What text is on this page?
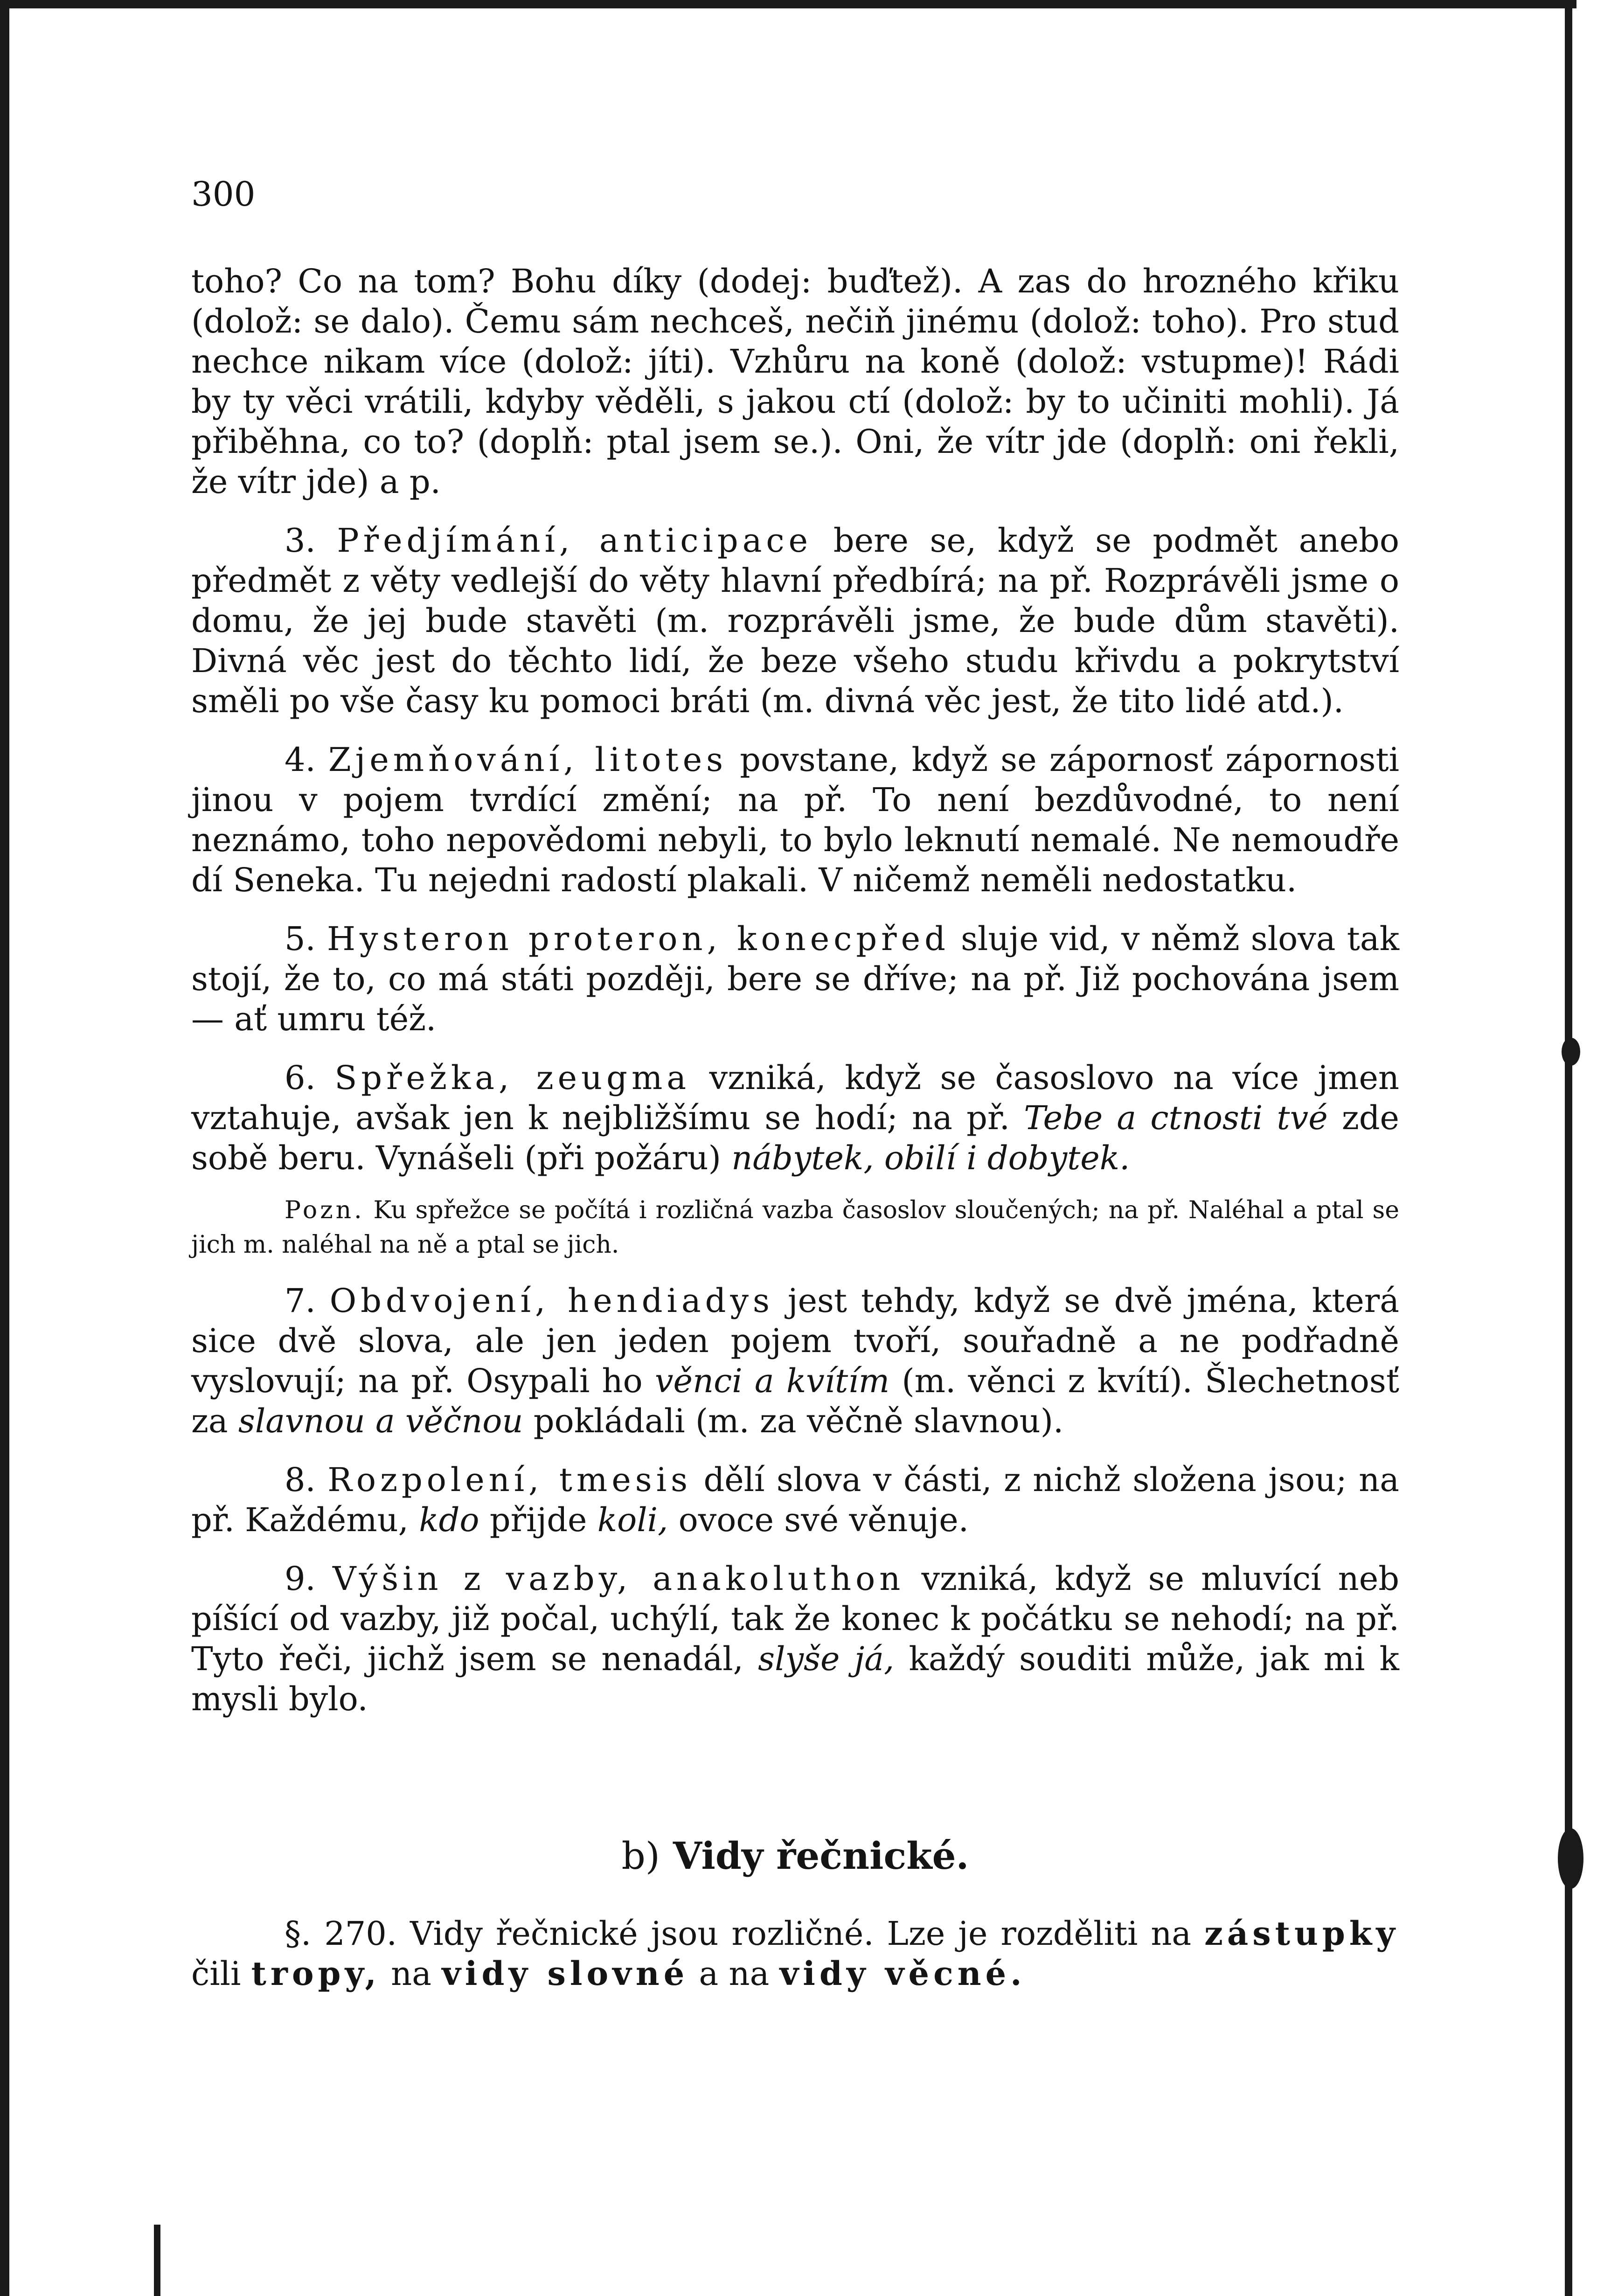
300

toho? Co na tom? Bohu díky (dodej: buďtež). A zas do hrozného křiku (dolož: se dalo). Čemu sám nechceš, nečiň jinému (dolož: toho). Pro stud nechce nikam více (dolož: jíti). Vzhůru na koně (dolož: vstupme)! Rádi by ty věci vrátili, kdyby věděli, s jakou ctí (dolož: by to učiniti mohli). Já přiběhna, co to? (doplň: ptal jsem se.). Oni, že vítr jde (doplň: oni řekli, že vítr jde) a p.

3. Předjímání, anticipace bere se, když se podmět anebo předmět z věty vedlejší do věty hlavní předbírá; na př. Rozprávěli jsme o domu, že jej bude stavěti (m. rozprávěli jsme, že bude dům stavěti). Divná věc jest do těchto lidí, že beze všeho studu křivdu a pokrytství směli po vše časy ku pomoci bráti (m. divná věc jest, že tito lidé atd.).

4. Zjemňování, litotes povstane, když se zápornosť zápornosti jinou v pojem tvrdící změní; na př. To není bezdůvodné, to není neznámo, toho nepovědomi nebyli, to bylo leknutí nemalé. Ne nemoudře dí Seneka. Tu nejedni radostí plakali. V ničemž neměli nedostatku.

5. Hysteron proteron, konecpřed sluje vid, v němž slova tak stojí, že to, co má státi později, bere se dříve; na př. Již pochována jsem — ať umru též.

6. Spřežka, zeugma vzniká, když se časoslovo na více jmen vztahuje, avšak jen k nejbližšímu se hodí; na př. Tebe a ctnosti tvé zde sobě beru. Vynášeli (při požáru) nábytek, obilí i dobytek.

Pozn. Ku spřežce se počítá i rozličná vazba časoslov sloučených; na př. Naléhal a ptal se jich m. naléhal na ně a ptal se jich.

7. Obdvojení, hendiadys jest tehdy, když se dvě jména, která sice dvě slova, ale jen jeden pojem tvoří, souřadně a ne podřadně vyslovují; na př. Osypali ho věnci a kvítím (m. věnci z kvítí). Šlechetnosť za slavnou a věčnou pokládali (m. za věčně slavnou).

8. Rozpolení, tmesis dělí slova v části, z nichž složena jsou; na př. Každému, kdo přijde koli, ovoce své věnuje.

9. Výšin z vazby, anakoluthon vzniká, když se mluvící neb píšící od vazby, již počal, uchýlí, tak že konec k počátku se nehodí; na př. Tyto řeči, jichž jsem se nenadál, slyše já, každý souditi může, jak mi k mysli bylo.

b) Vidy řečnické.

§. 270. Vidy řečnické jsou rozličné. Lze je rozděliti na zástupky čili tropy, na vidy slovné a na vidy věcné.
